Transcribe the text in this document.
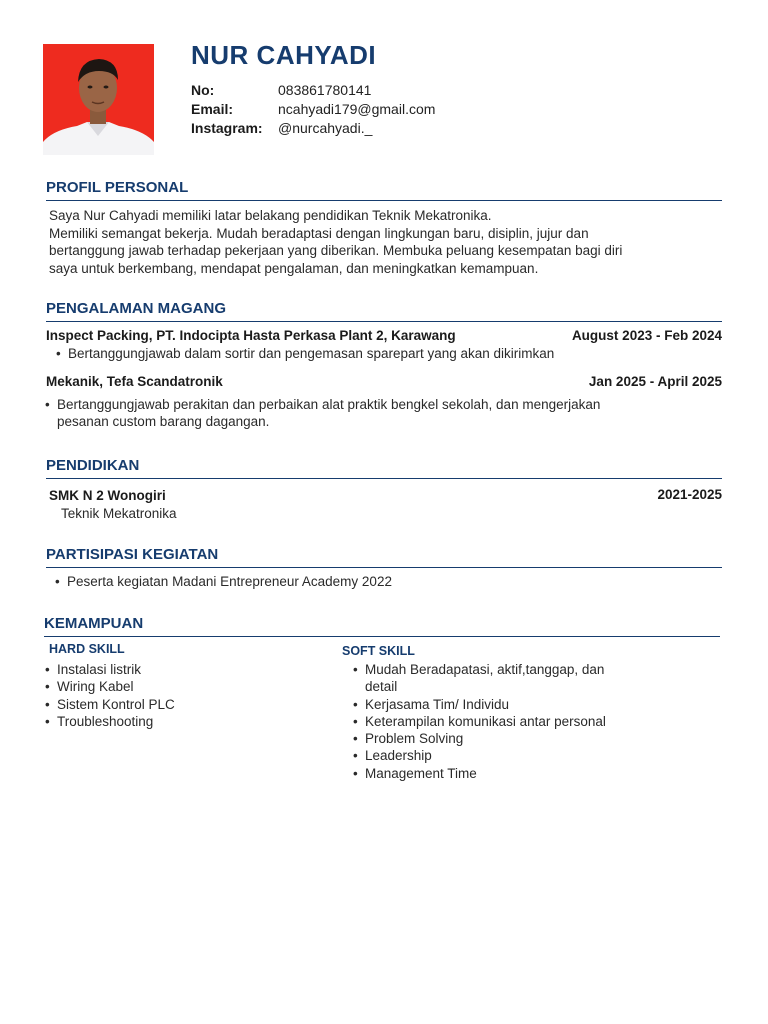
NUR CAHYADI
No:	083861780141
Email:	ncahyadi179@gmail.com
Instagram:	@nurcahyadi._
PROFIL PERSONAL
Saya Nur Cahyadi memiliki latar belakang pendidikan Teknik Mekatronika.
Memiliki semangat bekerja. Mudah beradaptasi dengan lingkungan baru, disiplin, jujur dan
bertanggung jawab terhadap pekerjaan yang diberikan. Membuka peluang kesempatan bagi diri
saya untuk berkembang, mendapat pengalaman, dan meningkatkan kemampuan.
PENGALAMAN MAGANG
Inspect Packing, PT. Indocipta Hasta Perkasa Plant 2, Karawang	August 2023 - Feb 2024
• Bertanggungjawab dalam sortir dan pengemasan sparepart yang akan dikirimkan
Mekanik, Tefa Scandatronik	Jan 2025 - April 2025
• Bertanggungjawab perakitan dan perbaikan alat praktik bengkel sekolah, dan mengerjakan
pesanan custom barang dagangan.
PENDIDIKAN
SMK N 2 Wonogiri	2021-2025
Teknik Mekatronika
PARTISIPASI KEGIATAN
• Peserta kegiatan Madani Entrepreneur Academy 2022
KEMAMPUAN
HARD SKILL
• Instalasi listrik
• Wiring Kabel
• Sistem Kontrol PLC
• Troubleshooting
SOFT SKILL
• Mudah Beradapatasi, aktif,tanggap, dan
detail
• Kerjasama Tim/ Individu
• Keterampilan komunikasi antar personal
• Problem Solving
• Leadership
• Management Time
